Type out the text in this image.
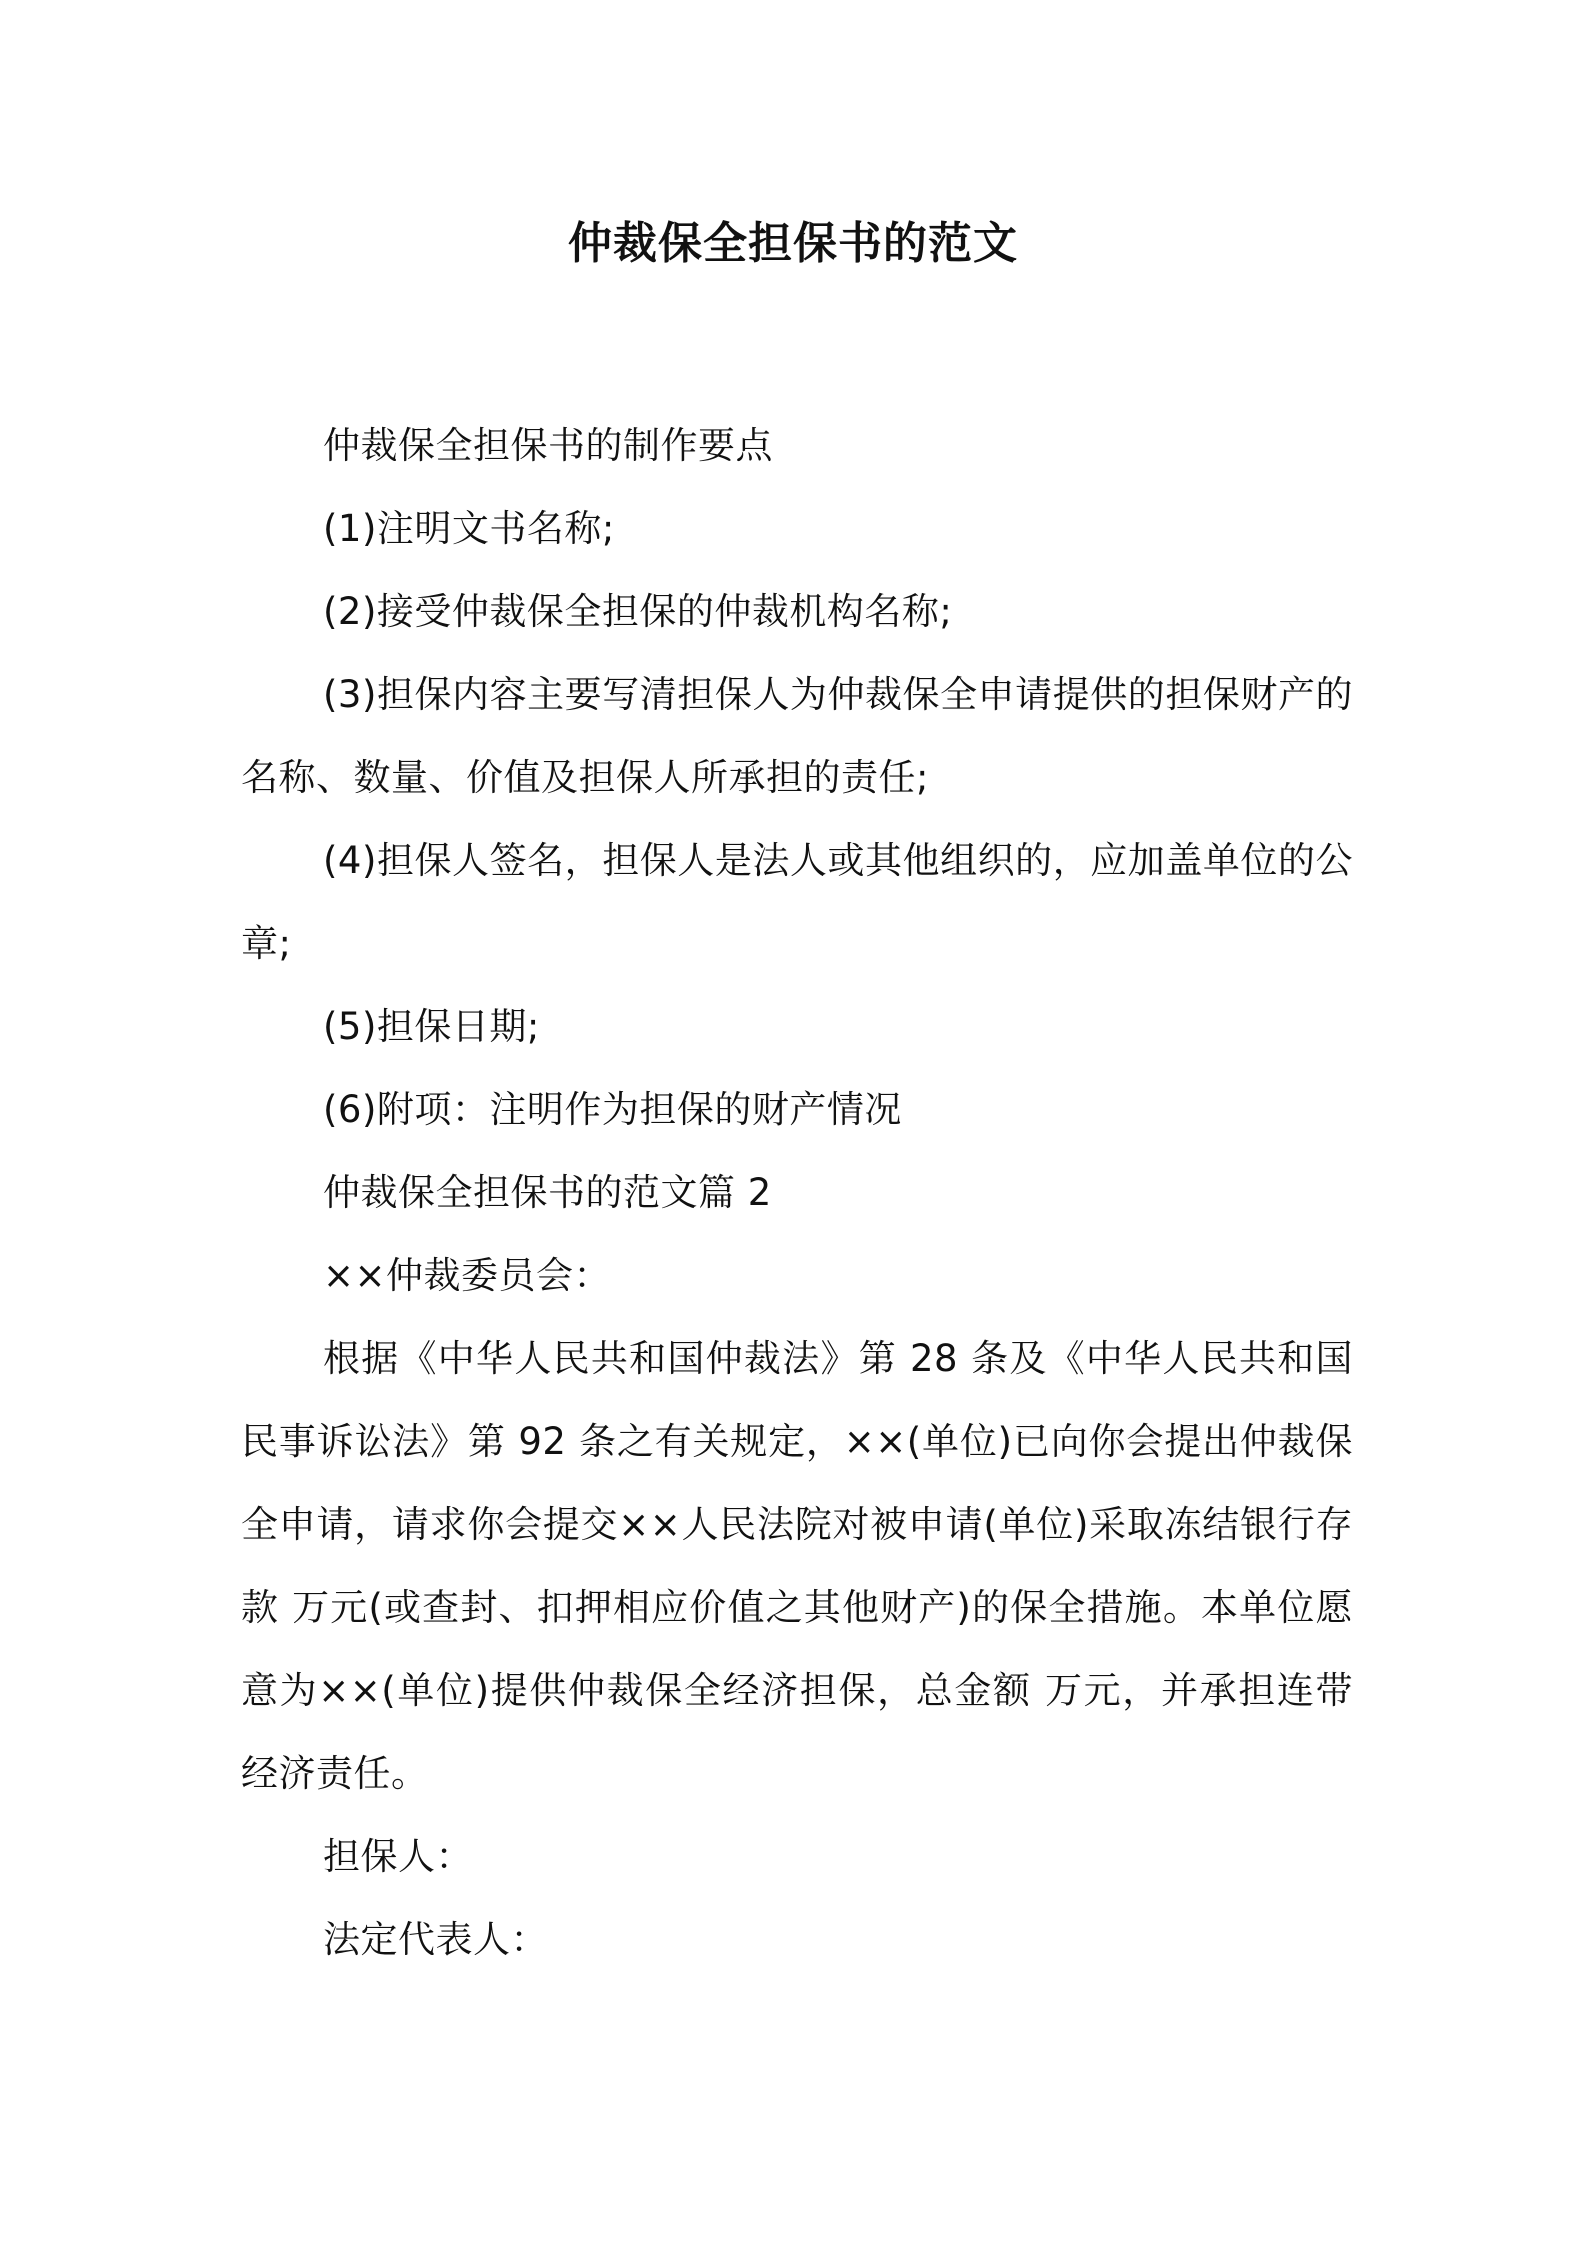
仲裁保全担保书的范文

仲裁保全担保书的制作要点

(1)注明文书名称;

(2)接受仲裁保全担保的仲裁机构名称;

(3)担保内容主要写清担保人为仲裁保全申请提供的担保财产的名称、数量、价值及担保人所承担的责任;

(4)担保人签名，担保人是法人或其他组织的，应加盖单位的公章;

(5)担保日期;

(6)附项：注明作为担保的财产情况

仲裁保全担保书的范文篇 2

××仲裁委员会：

根据《中华人民共和国仲裁法》第 28 条及《中华人民共和国民事诉讼法》第 92 条之有关规定，××(单位)已向你会提出仲裁保全申请，请求你会提交××人民法院对被申请(单位)采取冻结银行存款 万元(或查封、扣押相应价值之其他财产)的保全措施。本单位愿意为××(单位)提供仲裁保全经济担保，总金额 万元，并承担连带经济责任。

担保人：

法定代表人：
